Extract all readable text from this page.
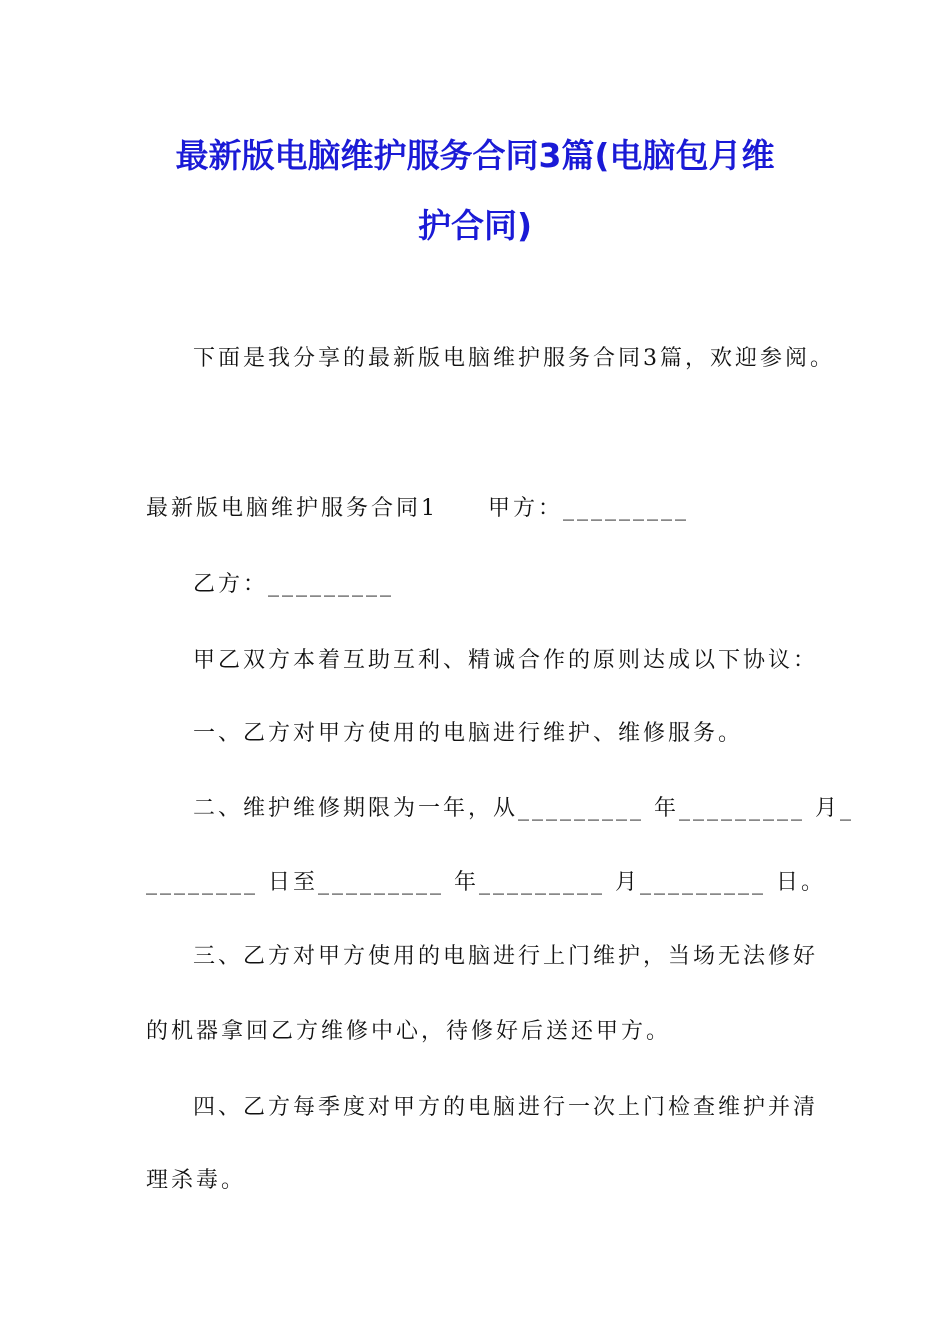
最新版电脑维护服务合同3篇(电脑包月维
护合同)
下面是我分享的最新版电脑维护服务合同3篇，欢迎参阅。
最新版电脑维护服务合同1 甲方：_________
乙方：_________
甲乙双方本着互助互利、精诚合作的原则达成以下协议：
一、乙方对甲方使用的电脑进行维护、维修服务。
二、维护维修期限为一年，从_________ 年_________ 月_
________ 日至_________ 年_________ 月_________ 日。
三、乙方对甲方使用的电脑进行上门维护，当场无法修好
的机器拿回乙方维修中心，待修好后送还甲方。
四、乙方每季度对甲方的电脑进行一次上门检查维护并清
理杀毒。
